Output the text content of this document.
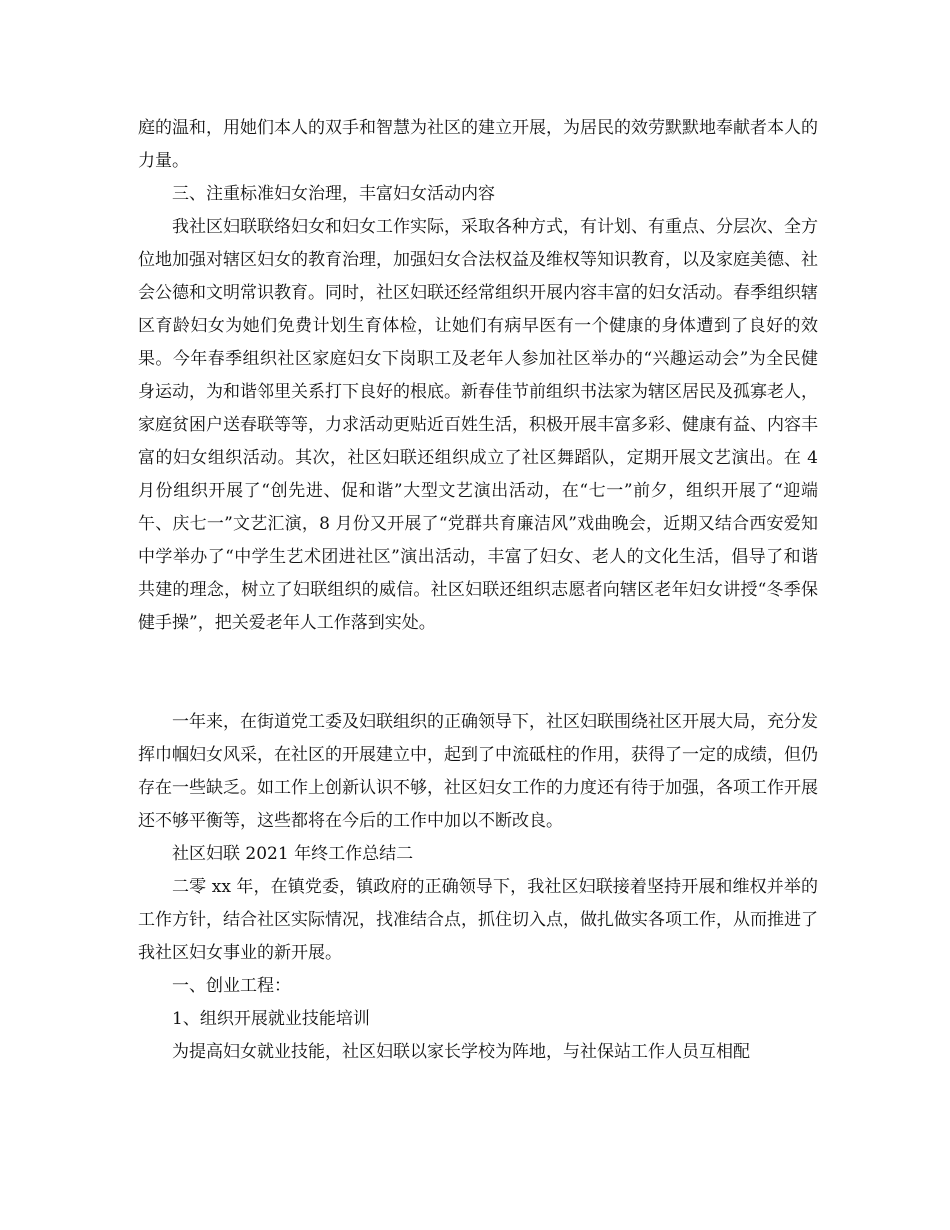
庭的温和，用她们本人的双手和智慧为社区的建立开展，为居民的效劳默默地奉献者本人的力量。

三、注重标准妇女治理，丰富妇女活动内容

我社区妇联联络妇女和妇女工作实际，采取各种方式，有计划、有重点、分层次、全方位地加强对辖区妇女的教育治理，加强妇女合法权益及维权等知识教育，以及家庭美德、社会公德和文明常识教育。同时，社区妇联还经常组织开展内容丰富的妇女活动。春季组织辖区育龄妇女为她们免费计划生育体检，让她们有病早医有一个健康的身体遭到了良好的效果。今年春季组织社区家庭妇女下岗职工及老年人参加社区举办的“兴趣运动会”为全民健身运动，为和谐邻里关系打下良好的根底。新春佳节前组织书法家为辖区居民及孤寡老人，家庭贫困户送春联等等，力求活动更贴近百姓生活，积极开展丰富多彩、健康有益、内容丰富的妇女组织活动。其次，社区妇联还组织成立了社区舞蹈队，定期开展文艺演出。在 4 月份组织开展了“创先进、促和谐”大型文艺演出活动，在“七一”前夕，组织开展了“迎端午、庆七一”文艺汇演，8 月份又开展了“党群共育廉洁风”戏曲晚会，近期又结合西安爱知中学举办了“中学生艺术团进社区”演出活动，丰富了妇女、老人的文化生活，倡导了和谐共建的理念，树立了妇联组织的威信。社区妇联还组织志愿者向辖区老年妇女讲授“冬季保健手操”，把关爱老年人工作落到实处。

一年来，在街道党工委及妇联组织的正确领导下，社区妇联围绕社区开展大局，充分发挥巾帼妇女风采，在社区的开展建立中，起到了中流砥柱的作用，获得了一定的成绩，但仍存在一些缺乏。如工作上创新认识不够，社区妇女工作的力度还有待于加强，各项工作开展还不够平衡等，这些都将在今后的工作中加以不断改良。

社区妇联 2021 年终工作总结二

二零 xx 年，在镇党委，镇政府的正确领导下，我社区妇联接着坚持开展和维权并举的工作方针，结合社区实际情况，找准结合点，抓住切入点，做扎做实各项工作，从而推进了我社区妇女事业的新开展。

一、创业工程：

1、组织开展就业技能培训

为提高妇女就业技能，社区妇联以家长学校为阵地，与社保站工作人员互相配
